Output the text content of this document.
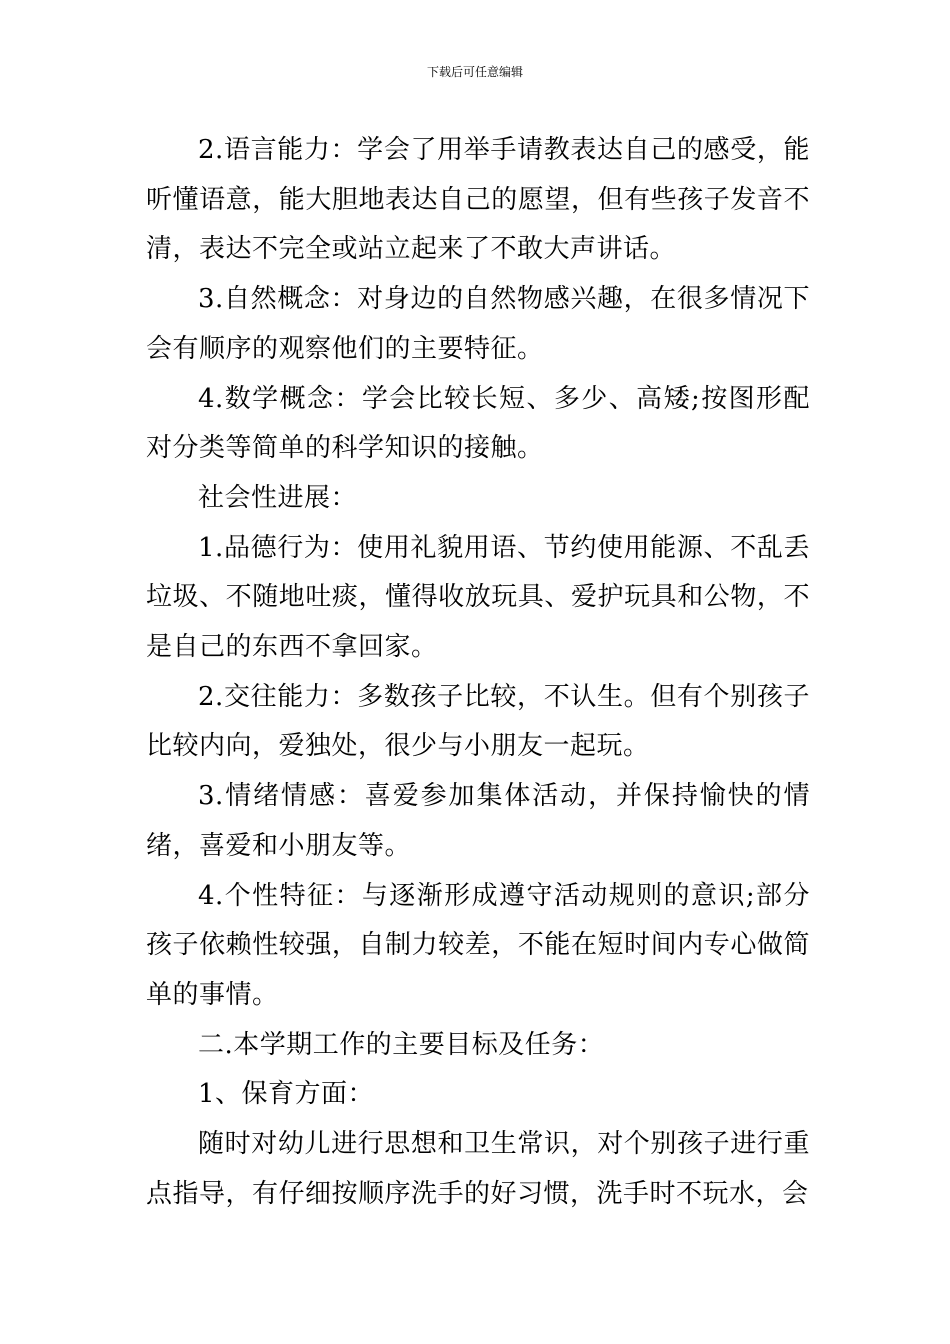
下载后可任意编辑

2.语言能力：学会了用举手请教表达自己的感受，能听懂语意，能大胆地表达自己的愿望，但有些孩子发音不清，表达不完全或站立起来了不敢大声讲话。

3.自然概念：对身边的自然物感兴趣，在很多情况下会有顺序的观察他们的主要特征。

4.数学概念：学会比较长短、多少、高矮;按图形配对分类等简单的科学知识的接触。

社会性进展：

1.品德行为：使用礼貌用语、节约使用能源、不乱丢垃圾、不随地吐痰，懂得收放玩具、爱护玩具和公物，不是自己的东西不拿回家。

2.交往能力：多数孩子比较，不认生。但有个别孩子比较内向，爱独处，很少与小朋友一起玩。

3.情绪情感：喜爱参加集体活动，并保持愉快的情绪，喜爱和小朋友等。

4.个性特征：与逐渐形成遵守活动规则的意识;部分孩子依赖性较强，自制力较差，不能在短时间内专心做简单的事情。

二.本学期工作的主要目标及任务：

1、保育方面：

随时对幼儿进行思想和卫生常识，对个别孩子进行重点指导，有仔细按顺序洗手的好习惯，洗手时不玩水，会
